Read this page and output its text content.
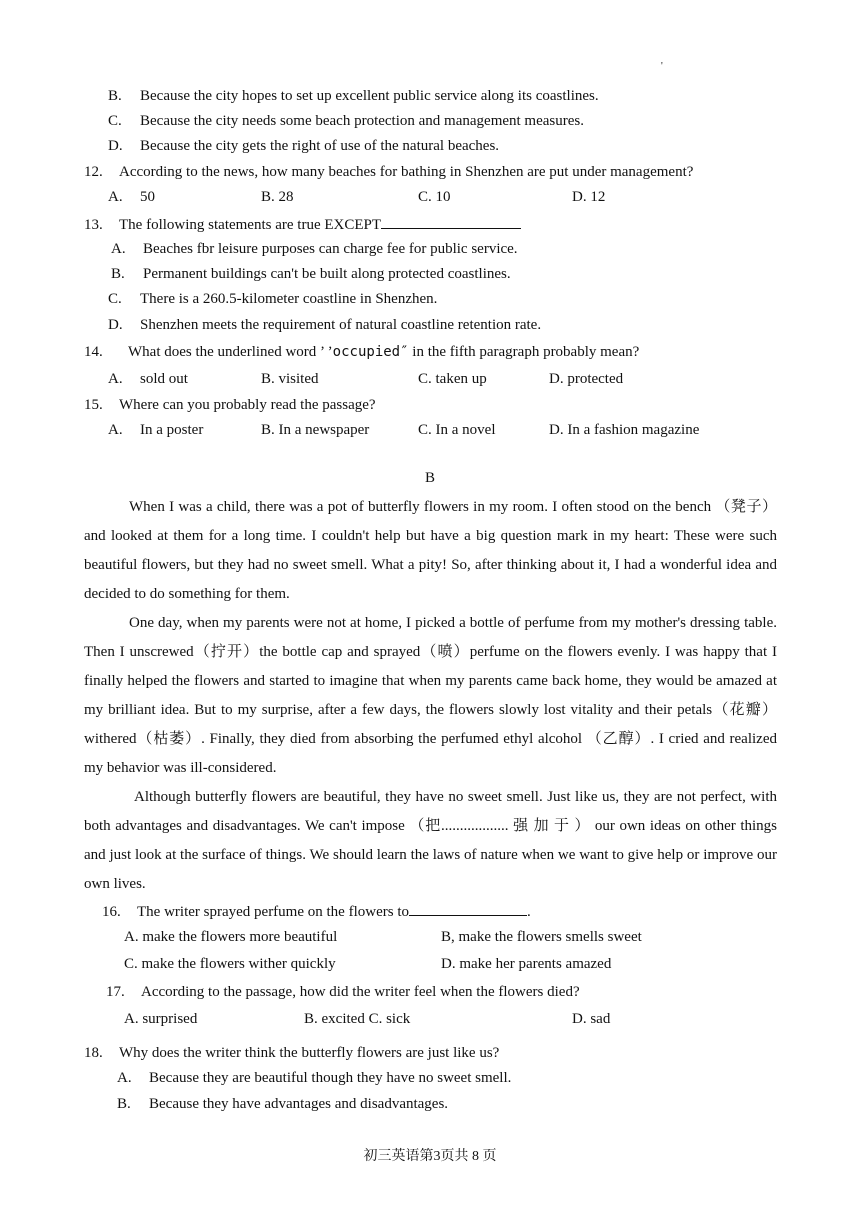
'
B. Because the city hopes to set up excellent public service along its coastlines.
C. Because the city needs some beach protection and management measures.
D. Because the city gets the right of use of the natural beaches.
12. According to the news, how many beaches for bathing in Shenzhen are put under management?
A. 50	B. 28	C. 10	D. 12
13. The following statements are true EXCEPT
A. Beaches fbr leisure purposes can charge fee for public service.
B. Permanent buildings can't be built along protected coastlines.
C. There is a 260.5-kilometer coastline in Shenzhen.
D. Shenzhen meets the requirement of natural coastline retention rate.
14. What does the underlined word ’ ’occupied″ in the fifth paragraph probably mean?
A. sold out	B. visited	C. taken up	D. protected
15. Where can you probably read the passage?
A. In a poster	B. In a newspaper	C. In a novel	D. In a fashion magazine
B

When I was a child, there was a pot of butterfly flowers in my room. I often stood on the bench （凳子）and looked at them for a long time. I couldn't help but have a big question mark in my heart: These were such beautiful flowers, but they had no sweet smell. What a pity! So, after thinking about it, I had a wonderful idea and decided to do something for them.

One day, when my parents were not at home, I picked a bottle of perfume from my mother's dressing table. Then I unscrewed（拧开）the bottle cap and sprayed（喷）perfume on the flowers evenly. I was happy that I finally helped the flowers and started to imagine that when my parents came back home, they would be amazed at my brilliant idea. But to my surprise, after a few days, the flowers slowly lost vitality and their petals（花瓣）withered（枯萎）. Finally, they died from absorbing the perfumed ethyl alcohol （乙醇）. I cried and realized my behavior was ill-considered.

Although butterfly flowers are beautiful, they have no sweet smell. Just like us, they are not perfect, with both advantages and disadvantages. We can't impose （把.................. 强 加 于 ） our own ideas on other things and just look at the surface of things. We should learn the laws of nature when we want to give help or improve our own lives.

16. The writer sprayed perfume on the flowers to	.
A. make the flowers more beautiful	B, make the flowers smells sweet
C. make the flowers wither quickly	D. make her parents amazed
17. According to the passage, how did the writer feel when the flowers died?
A. surprised	B. excited C. sick	D. sad
18. Why does the writer think the butterfly flowers are just like us?
A. Because they are beautiful though they have no sweet smell.
B. Because they have advantages and disadvantages.
初三英语第3页共 8 页
